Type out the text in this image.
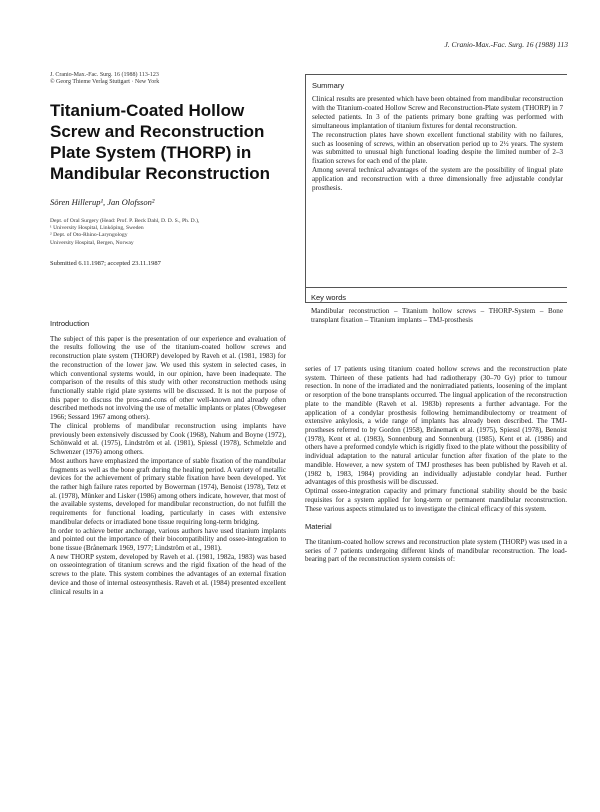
J. Cranio-Max.-Fac. Surg. 16 (1988) 113
J. Cranio-Max.-Fac. Surg. 16 (1988) 113-123
© Georg Thieme Verlag Stuttgart · New York
Titanium-Coated Hollow Screw and Reconstruction Plate System (THORP) in Mandibular Reconstruction
Sören Hillerup¹, Jan Olofsson²
Dept. of Oral Surgery (Head: Prof. P. Beck Dahl, D. D. S., Ph. D.),
¹ University Hospital, Linköping, Sweden
² Dept. of Oto-Rhino-Laryngology
University Hospital, Bergen, Norway
Submitted 6.11.1987; accepted 23.11.1987
Summary
Clinical results are presented which have been obtained from mandibular reconstruction with the Titanium-coated Hollow Screw and Reconstruction-Plate system (THORP) in 7 selected patients. In 3 of the patients primary bone grafting was performed with simultaneous implantation of titanium fixtures for dental reconstruction.
The reconstruction plates have shown excellent functional stability with no failures, such as loosening of screws, within an observation period up to 2½ years. The system was submitted to unusual high functional loading despite the limited number of 2–3 fixation screws for each end of the plate.
Among several technical advantages of the system are the possibility of lingual plate application and reconstruction with a three dimensionally free adjustable condylar prosthesis.
Key words
Mandibular reconstruction – Titanium hollow screws – THORP-System – Bone transplant fixation – Titanium implants – TMJ-prosthesis
Introduction
The subject of this paper is the presentation of our experience and evaluation of the results following the use of the titanium-coated hollow screws and reconstruction plate system (THORP) developed by Raveh et al. (1981, 1983) for the reconstruction of the lower jaw. We used this system in selected cases, in which conventional systems would, in our opinion, have been inadequate. The comparison of the results of this study with other reconstruction methods using functionally stable rigid plate systems will be discussed. It is not the purpose of this paper to discuss the pros-and-cons of other well-known and already often described methods not involving the use of metallic implants or plates (Obwegeser 1966; Sessard 1967 among others).
The clinical problems of mandibular reconstruction using implants have previously been extensively discussed by Cook (1968), Nahum and Boyne (1972), Schönwald et al. (1975), Lindström et al. (1981), Spiessl (1978), Schmelzle and Schwenzer (1976) among others.
Most authors have emphasized the importance of stable fixation of the mandibular fragments as well as the bone graft during the healing period. A variety of metallic devices for the achievement of primary stable fixation have been developed. Yet the rather high failure rates reported by Bowerman (1974), Benoist (1978), Tetz et al. (1978), Münker and Lisker (1986) among others indicate, however, that most of the available systems, developed for mandibular reconstruction, do not fulfill the requirements for functional loading, particularly in cases with extensive mandibular defects or irradiated bone tissue requiring long-term bridging.
In order to achieve better anchorage, various authors have used titanium implants and pointed out the importance of their biocompatibility and osseo-integration to bone tissue (Brånemark 1969, 1977; Lindström et al., 1981).
A new THORP system, developed by Raveh et al. (1981, 1982a, 1983) was based on osseointegration of titanium screws and the rigid fixation of the head of the screws to the plate. This system combines the advantages of an external fixation device and those of internal osteosynthesis. Raveh et al. (1984) presented excellent clinical results in a
series of 17 patients using titanium coated hollow screws and the reconstruction plate system. Thirteen of these patients had had radiotherapy (30–70 Gy) prior to tumour resection. In none of the irradiated and the nonirradiated patients, loosening of the implant or resorption of the bone transplants occurred. The lingual application of the reconstruction plate to the mandible (Raveh et al. 1983b) represents a further advantage. For the application of a condylar prosthesis following hemimandibulectomy or treatment of extensive ankylosis, a wide range of implants has already been described. The TMJ-prostheses referred to by Gordon (1958), Brånemark et al. (1975), Spiessl (1978), Benoist (1978), Kent et al. (1983), Sonnenburg and Sonnenburg (1985), Kent et al. (1986) and others have a preformed condyle which is rigidly fixed to the plate without the possibility of individual adaptation to the natural articular function after fixation of the plate to the mandible. However, a new system of TMJ prostheses has been published by Raveh et al. (1982 b, 1983, 1984) providing an individually adjustable condylar head. Further advantages of this prosthesis will be discussed.
Optimal osseo-integration capacity and primary functional stability should be the basic requisites for a system applied for long-term or permanent mandibular reconstruction. These various aspects stimulated us to investigate the clinical efficacy of this system.
Material
The titanium-coated hollow screws and reconstruction plate system (THORP) was used in a series of 7 patients undergoing different kinds of mandibular reconstruction. The load-bearing part of the reconstruction system consists of:
